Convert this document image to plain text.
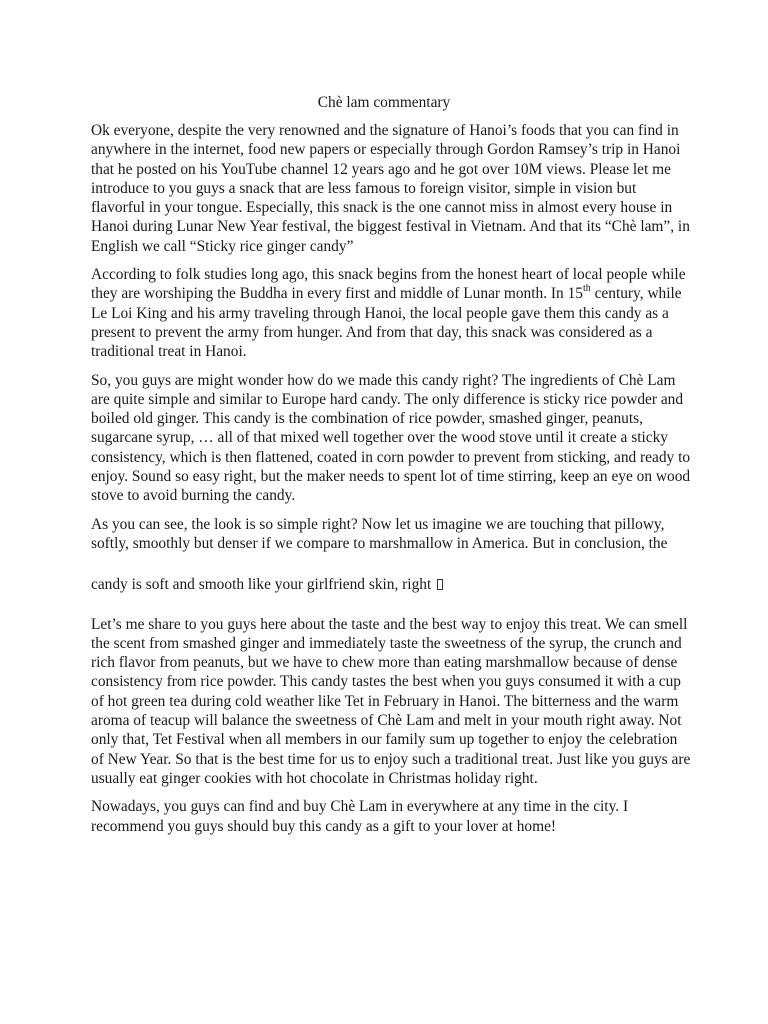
Chè lam commentary

Ok everyone, despite the very renowned and the signature of Hanoi’s foods that you can find in anywhere in the internet, food new papers or especially through Gordon Ramsey’s trip in Hanoi that he posted on his YouTube channel 12 years ago and he got over 10M views. Please let me introduce to you guys a snack that are less famous to foreign visitor, simple in vision but flavorful in your tongue. Especially, this snack is the one cannot miss in almost every house in Hanoi during Lunar New Year festival, the biggest festival in Vietnam. And that its “Chè lam”, in English we call “Sticky rice ginger candy”

According to folk studies long ago, this snack begins from the honest heart of local people while they are worshiping the Buddha in every first and middle of Lunar month. In 15th century, while Le Loi King and his army traveling through Hanoi, the local people gave them this candy as a present to prevent the army from hunger. And from that day, this snack was considered as a traditional treat in Hanoi.

So, you guys are might wonder how do we made this candy right? The ingredients of Chè Lam are quite simple and similar to Europe hard candy. The only difference is sticky rice powder and boiled old ginger. This candy is the combination of rice powder, smashed ginger, peanuts, sugarcane syrup, … all of that mixed well together over the wood stove until it create a sticky consistency, which is then flattened, coated in corn powder to prevent from sticking, and ready to enjoy. Sound so easy right, but the maker needs to spent lot of time stirring, keep an eye on wood stove to avoid burning the candy.

As you can see, the look is so simple right? Now let us imagine we are touching that pillowy, softly, smoothly but denser if we compare to marshmallow in America. But in conclusion, the

candy is soft and smooth like your girlfriend skin, right

Let’s me share to you guys here about the taste and the best way to enjoy this treat. We can smell the scent from smashed ginger and immediately taste the sweetness of the syrup, the crunch and rich flavor from peanuts, but we have to chew more than eating marshmallow because of dense consistency from rice powder. This candy tastes the best when you guys consumed it with a cup of hot green tea during cold weather like Tet in February in Hanoi. The bitterness and the warm aroma of teacup will balance the sweetness of Chè Lam and melt in your mouth right away. Not only that, Tet Festival when all members in our family sum up together to enjoy the celebration of New Year. So that is the best time for us to enjoy such a traditional treat. Just like you guys are usually eat ginger cookies with hot chocolate in Christmas holiday right.

Nowadays, you guys can find and buy Chè Lam in everywhere at any time in the city. I recommend you guys should buy this candy as a gift to your lover at home!
